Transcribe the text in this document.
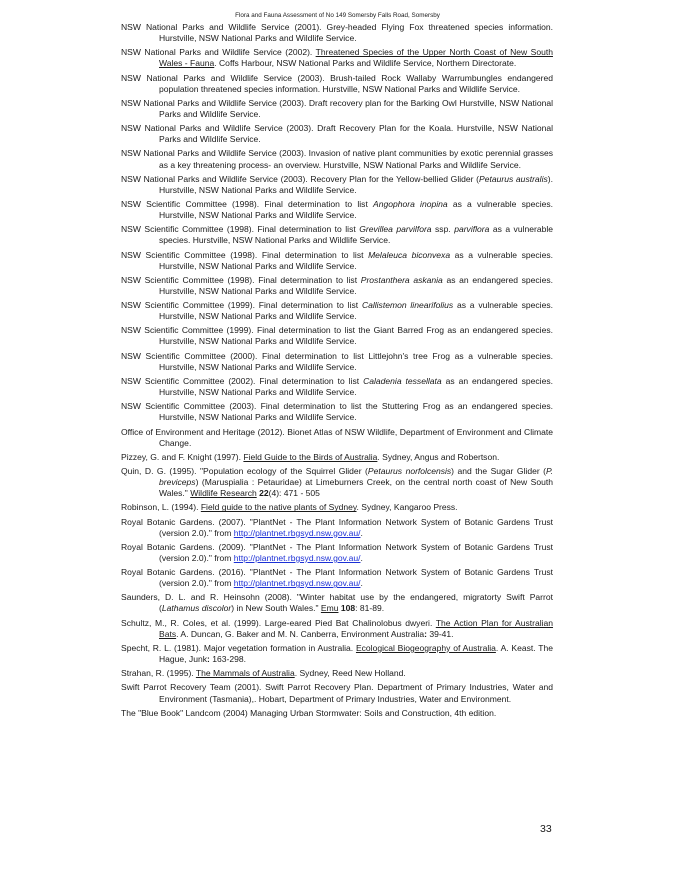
Flora and Fauna Assessment of No 149 Somersby Falls Road, Somersby

NSW National Parks and Wildlife Service (2001). Grey-headed Flying Fox threatened species information. Hurstville, NSW National Parks and Wildlife Service.

NSW National Parks and Wildlife Service (2002). Threatened Species of the Upper North Coast of New South Wales - Fauna. Coffs Harbour, NSW National Parks and Wildlife Service, Northern Directorate.

NSW National Parks and Wildlife Service (2003). Brush-tailed Rock Wallaby Warrumbungles endangered population threatened species information. Hurstville, NSW National Parks and Wildlife Service.

NSW National Parks and Wildlife Service (2003). Draft recovery plan for the Barking Owl Hurstville, NSW National Parks and Wildlife Service.

NSW National Parks and Wildlife Service (2003). Draft Recovery Plan for the Koala. Hurstville, NSW National Parks and Wildlife Service.

NSW National Parks and Wildlife Service (2003). Invasion of native plant communities by exotic perennial grasses as a key threatening process- an overview. Hurstville, NSW National Parks and Wildlife Service.

NSW National Parks and Wildlife Service (2003). Recovery Plan for the Yellow-bellied Glider (Petaurus australis). Hurstville, NSW National Parks and Wildlife Service.

NSW Scientific Committee (1998). Final determination to list Angophora inopina as a vulnerable species. Hurstville, NSW National Parks and Wildlife Service.

NSW Scientific Committee (1998). Final determination to list Grevillea parvilfora ssp. parviflora as a vulnerable species. Hurstville, NSW National Parks and Wildlife Service.

NSW Scientific Committee (1998). Final determination to list Melaleuca biconvexa as a vulnerable species. Hurstville, NSW National Parks and Wildlife Service.

NSW Scientific Committee (1998). Final determination to list Prostanthera askania as an endangered species. Hurstville, NSW National Parks and Wildlife Service.

NSW Scientific Committee (1999). Final determination to list Callistemon linearifolius as a vulnerable species. Hurstville, NSW National Parks and Wildlife Service.

NSW Scientific Committee (1999). Final determination to list the Giant Barred Frog as an endangered species. Hurstville, NSW National Parks and Wildlife Service.

NSW Scientific Committee (2000). Final determination to list Littlejohn's tree Frog as a vulnerable species. Hurstville, NSW National Parks and Wildlife Service.

NSW Scientific Committee (2002). Final determination to list Caladenia tessellata as an endangered species. Hurstville, NSW National Parks and Wildlife Service.

NSW Scientific Committee (2003). Final determination to list the Stuttering Frog as an endangered species. Hurstville, NSW National Parks and Wildlife Service.

Office of Environment and Heritage (2012). Bionet Atlas of NSW Wildlife, Department of Environment and Climate Change.

Pizzey, G. and F. Knight (1997). Field Guide to the Birds of Australia. Sydney, Angus and Robertson.

Quin, D. G. (1995). "Population ecology of the Squirrel Glider (Petaurus norfolcensis) and the Sugar Glider (P. breviceps) (Maruspialia : Petauridae) at Limeburners Creek, on the central north coast of New South Wales." Wildlife Research 22(4): 471 - 505

Robinson, L. (1994). Field guide to the native plants of Sydney. Sydney, Kangaroo Press.

Royal Botanic Gardens. (2007). "PlantNet - The Plant Information Network System of Botanic Gardens Trust (version 2.0)." from http://plantnet.rbgsyd.nsw.gov.au/.

Royal Botanic Gardens. (2009). "PlantNet - The Plant Information Network System of Botanic Gardens Trust (version 2.0)." from http://plantnet.rbgsyd.nsw.gov.au/.

Royal Botanic Gardens. (2016). "PlantNet - The Plant Information Network System of Botanic Gardens Trust (version 2.0)." from http://plantnet.rbgsyd.nsw.gov.au/.

Saunders, D. L. and R. Heinsohn (2008). "Winter habitat use by the endangered, migratorty Swift Parrot (Lathamus discolor) in New South Wales." Emu 108: 81-89.

Schultz, M., R. Coles, et al. (1999). Large-eared Pied Bat Chalinolobus dwyeri. The Action Plan for Australian Bats. A. Duncan, G. Baker and M. N. Canberra, Environment Australia: 39-41.

Specht, R. L. (1981). Major vegetation formation in Australia. Ecological Biogeography of Australia. A. Keast. The Hague, Junk: 163-298.

Strahan, R. (1995). The Mammals of Australia. Sydney, Reed New Holland.

Swift Parrot Recovery Team (2001). Swift Parrot Recovery Plan. Department of Primary Industries, Water and Environment (Tasmania),. Hobart, Department of Primary Industries, Water and Environment.

The "Blue Book" Landcom (2004) Managing Urban Stormwater: Soils and Construction, 4th edition.

33
